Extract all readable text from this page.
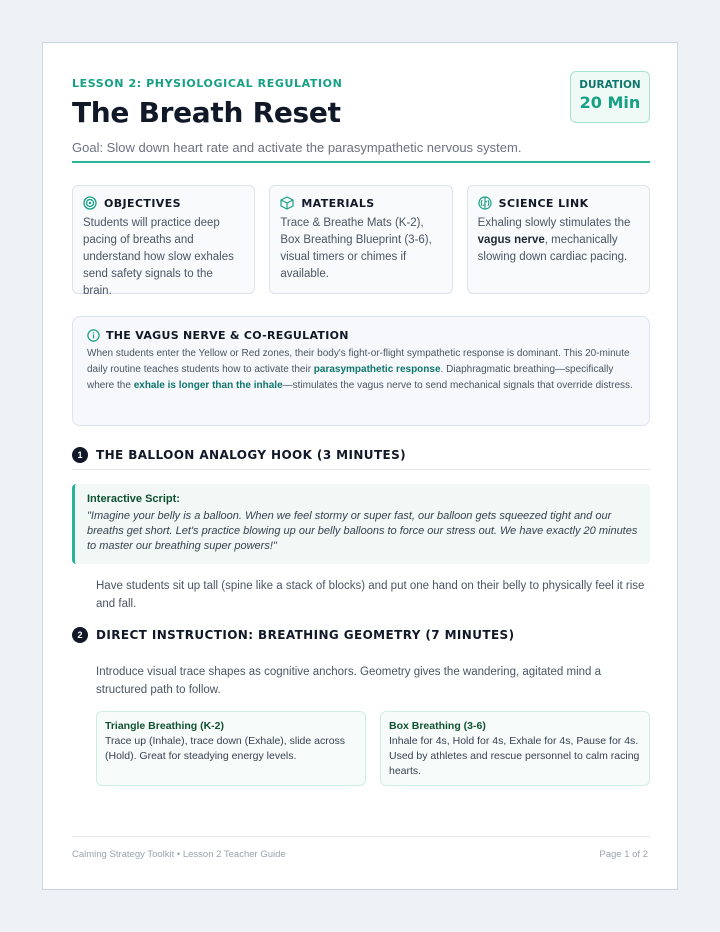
LESSON 2: PHYSIOLOGICAL REGULATION
The Breath Reset
Goal: Slow down heart rate and activate the parasympathetic nervous system.
DURATION
20 Min
OBJECTIVES
Students will practice deep pacing of breaths and understand how slow exhales send safety signals to the brain.
MATERIALS
Trace & Breathe Mats (K-2), Box Breathing Blueprint (3-6), visual timers or chimes if available.
SCIENCE LINK
Exhaling slowly stimulates the vagus nerve, mechanically slowing down cardiac pacing.
THE VAGUS NERVE & CO-REGULATION
When students enter the Yellow or Red zones, their body's fight-or-flight sympathetic response is dominant. This 20-minute daily routine teaches students how to activate their parasympathetic response. Diaphragmatic breathing—specifically where the exhale is longer than the inhale—stimulates the vagus nerve to send mechanical signals that override distress.
1	THE BALLOON ANALOGY HOOK (3 MINUTES)
Interactive Script:
"Imagine your belly is a balloon. When we feel stormy or super fast, our balloon gets squeezed tight and our breaths get short. Let's practice blowing up our belly balloons to force our stress out. We have exactly 20 minutes to master our breathing super powers!"
Have students sit up tall (spine like a stack of blocks) and put one hand on their belly to physically feel it rise and fall.
2	DIRECT INSTRUCTION: BREATHING GEOMETRY (7 MINUTES)
Introduce visual trace shapes as cognitive anchors. Geometry gives the wandering, agitated mind a structured path to follow.
Triangle Breathing (K-2)
Trace up (Inhale), trace down (Exhale), slide across (Hold). Great for steadying energy levels.
Box Breathing (3-6)
Inhale for 4s, Hold for 4s, Exhale for 4s, Pause for 4s. Used by athletes and rescue personnel to calm racing hearts.
Calming Strategy Toolkit • Lesson 2 Teacher Guide	Page 1 of 2
